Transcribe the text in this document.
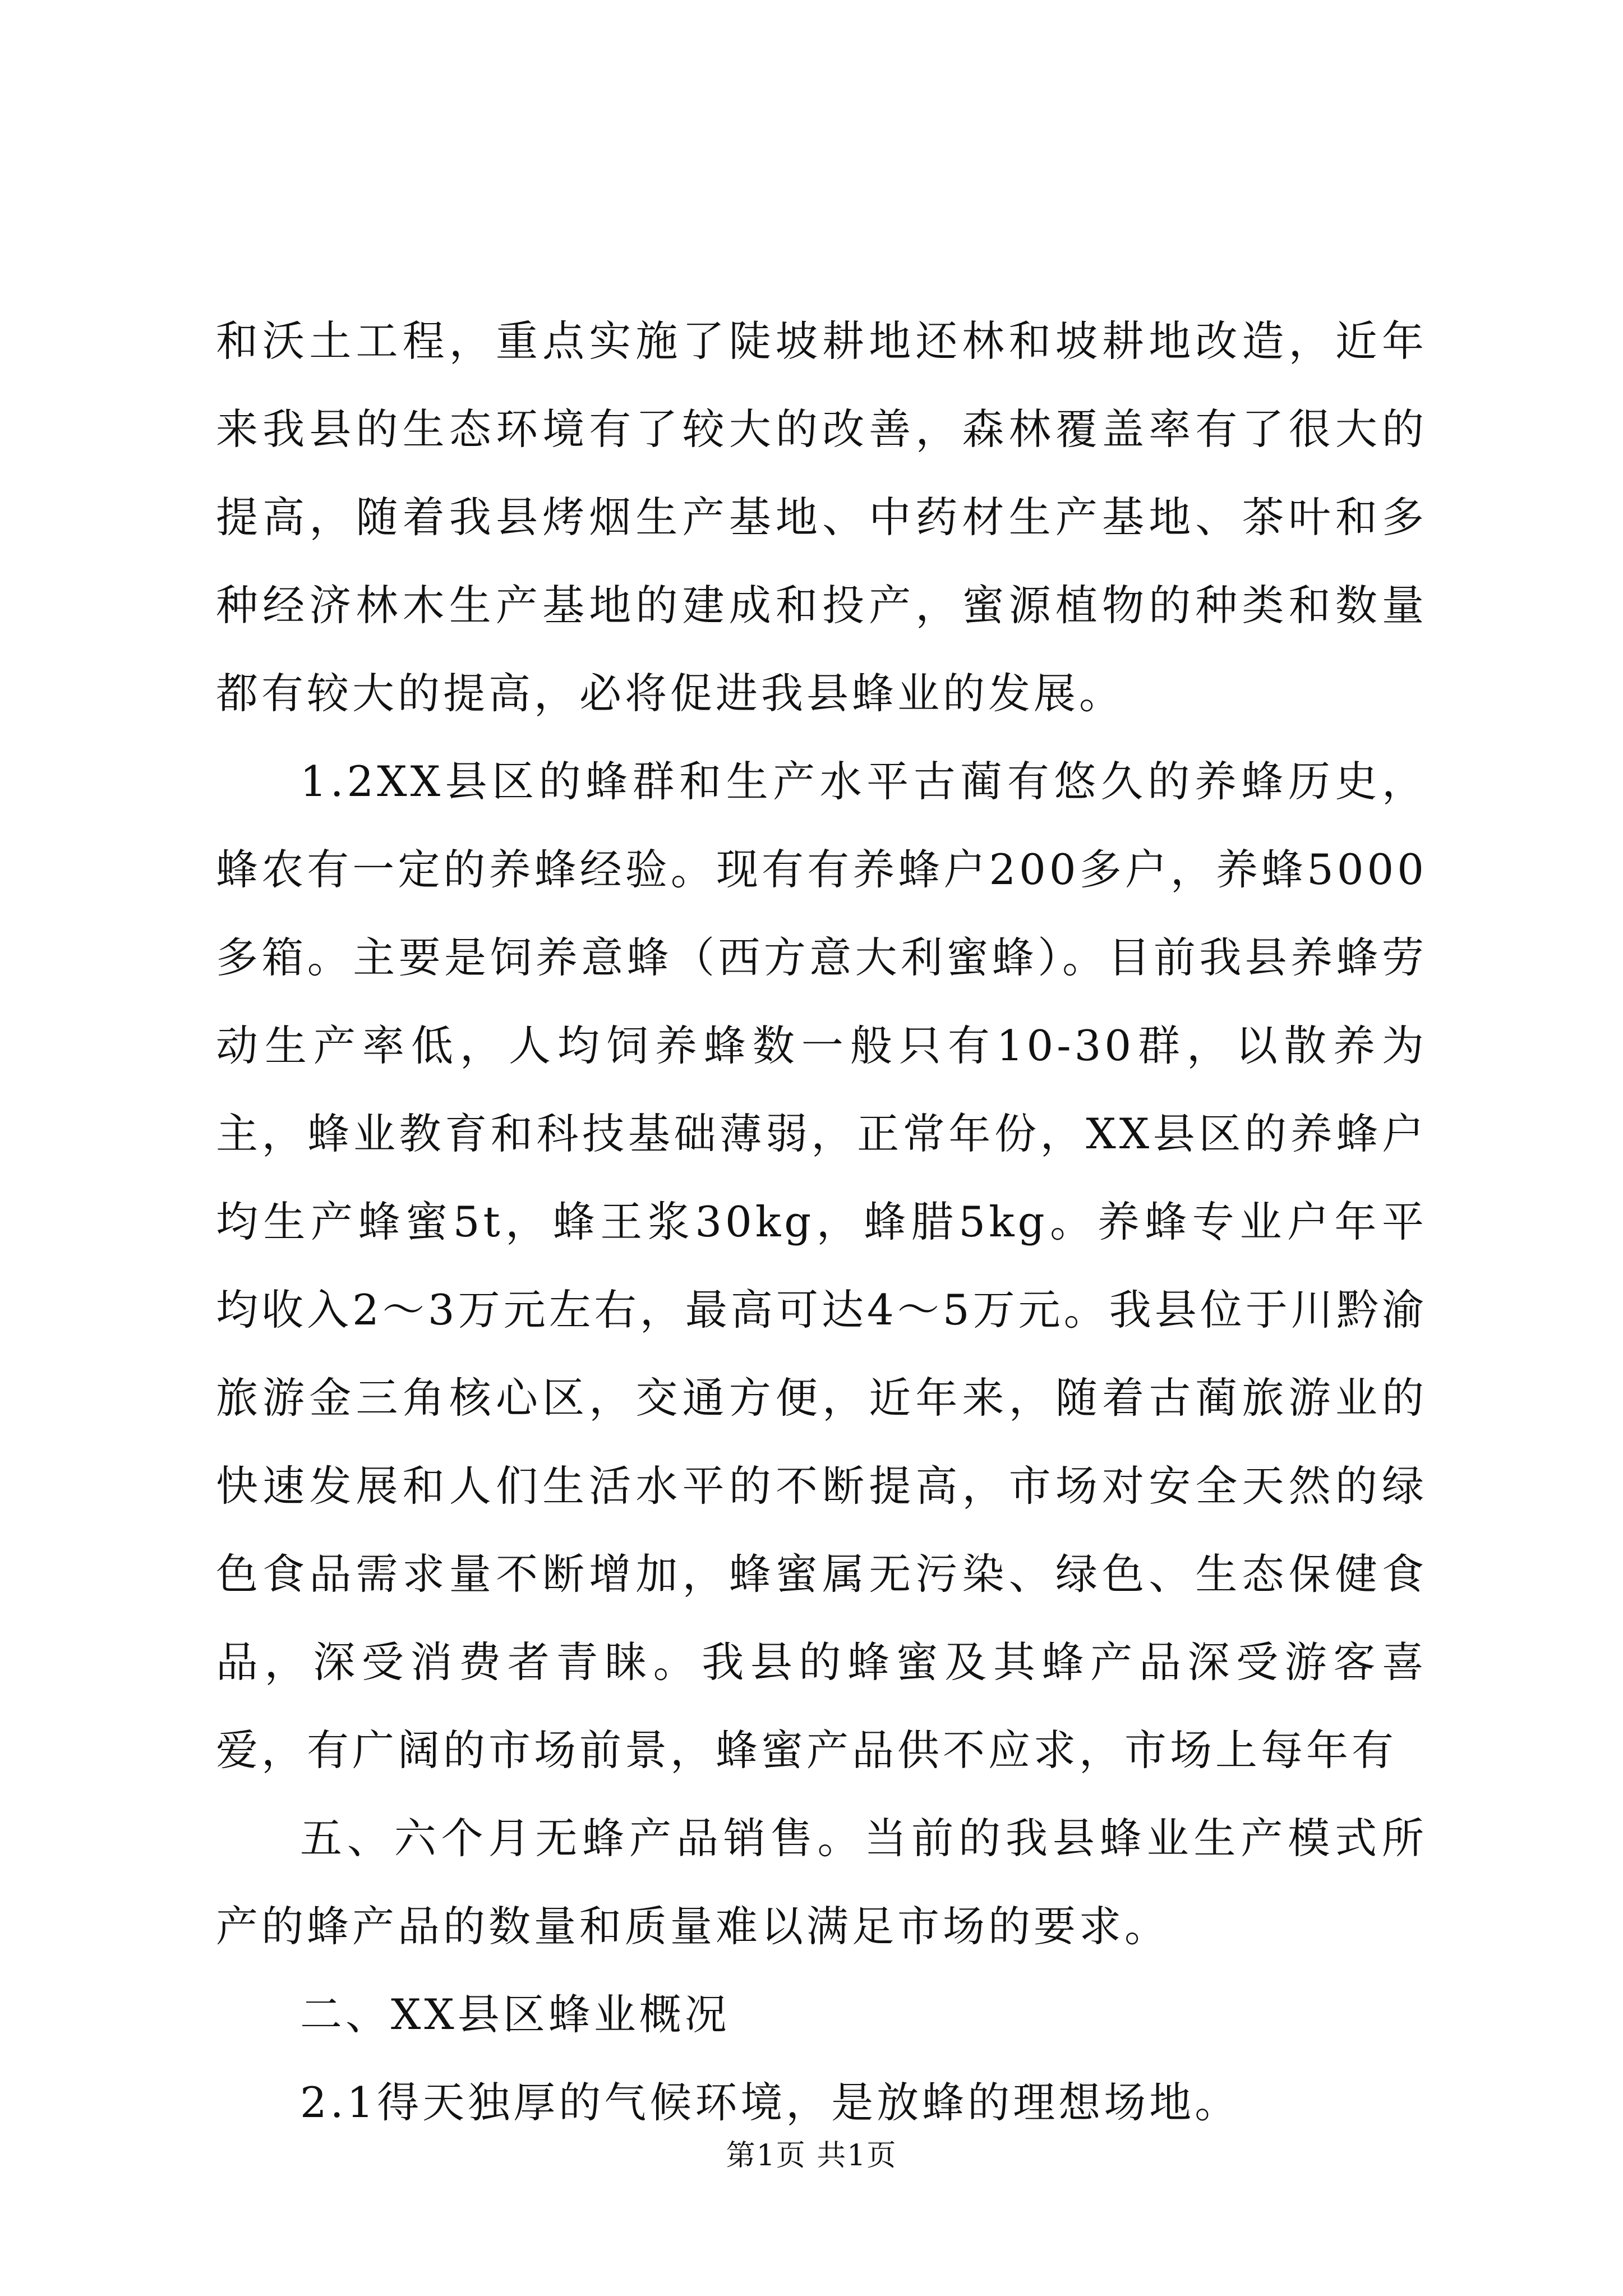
和沃土工程，重点实施了陡坡耕地还林和坡耕地改造，近年来我县的生态环境有了较大的改善，森林覆盖率有了很大的提高，随着我县烤烟生产基地、中药材生产基地、茶叶和多种经济林木生产基地的建成和投产，蜜源植物的种类和数量都有较大的提高，必将促进我县蜂业的发展。

1.2XX县区的蜂群和生产水平古蔺有悠久的养蜂历史，蜂农有一定的养蜂经验。现有有养蜂户200多户，养蜂5000多箱。主要是饲养意蜂（西方意大利蜜蜂）。目前我县养蜂劳动生产率低，人均饲养蜂数一般只有10-30群，以散养为主，蜂业教育和科技基础薄弱，正常年份，XX县区的养蜂户均生产蜂蜜5t，蜂王浆30kg，蜂腊5kg。养蜂专业户年平均收入2～3万元左右，最高可达4～5万元。我县位于川黔渝旅游金三角核心区，交通方便，近年来，随着古蔺旅游业的快速发展和人们生活水平的不断提高，市场对安全天然的绿色食品需求量不断增加，蜂蜜属无污染、绿色、生态保健食品，深受消费者青睐。我县的蜂蜜及其蜂产品深受游客喜爱，有广阔的市场前景，蜂蜜产品供不应求，市场上每年有

五、六个月无蜂产品销售。当前的我县蜂业生产模式所产的蜂产品的数量和质量难以满足市场的要求。

二、XX县区蜂业概况

2.1得天独厚的气候环境，是放蜂的理想场地。

第1页 共1页
